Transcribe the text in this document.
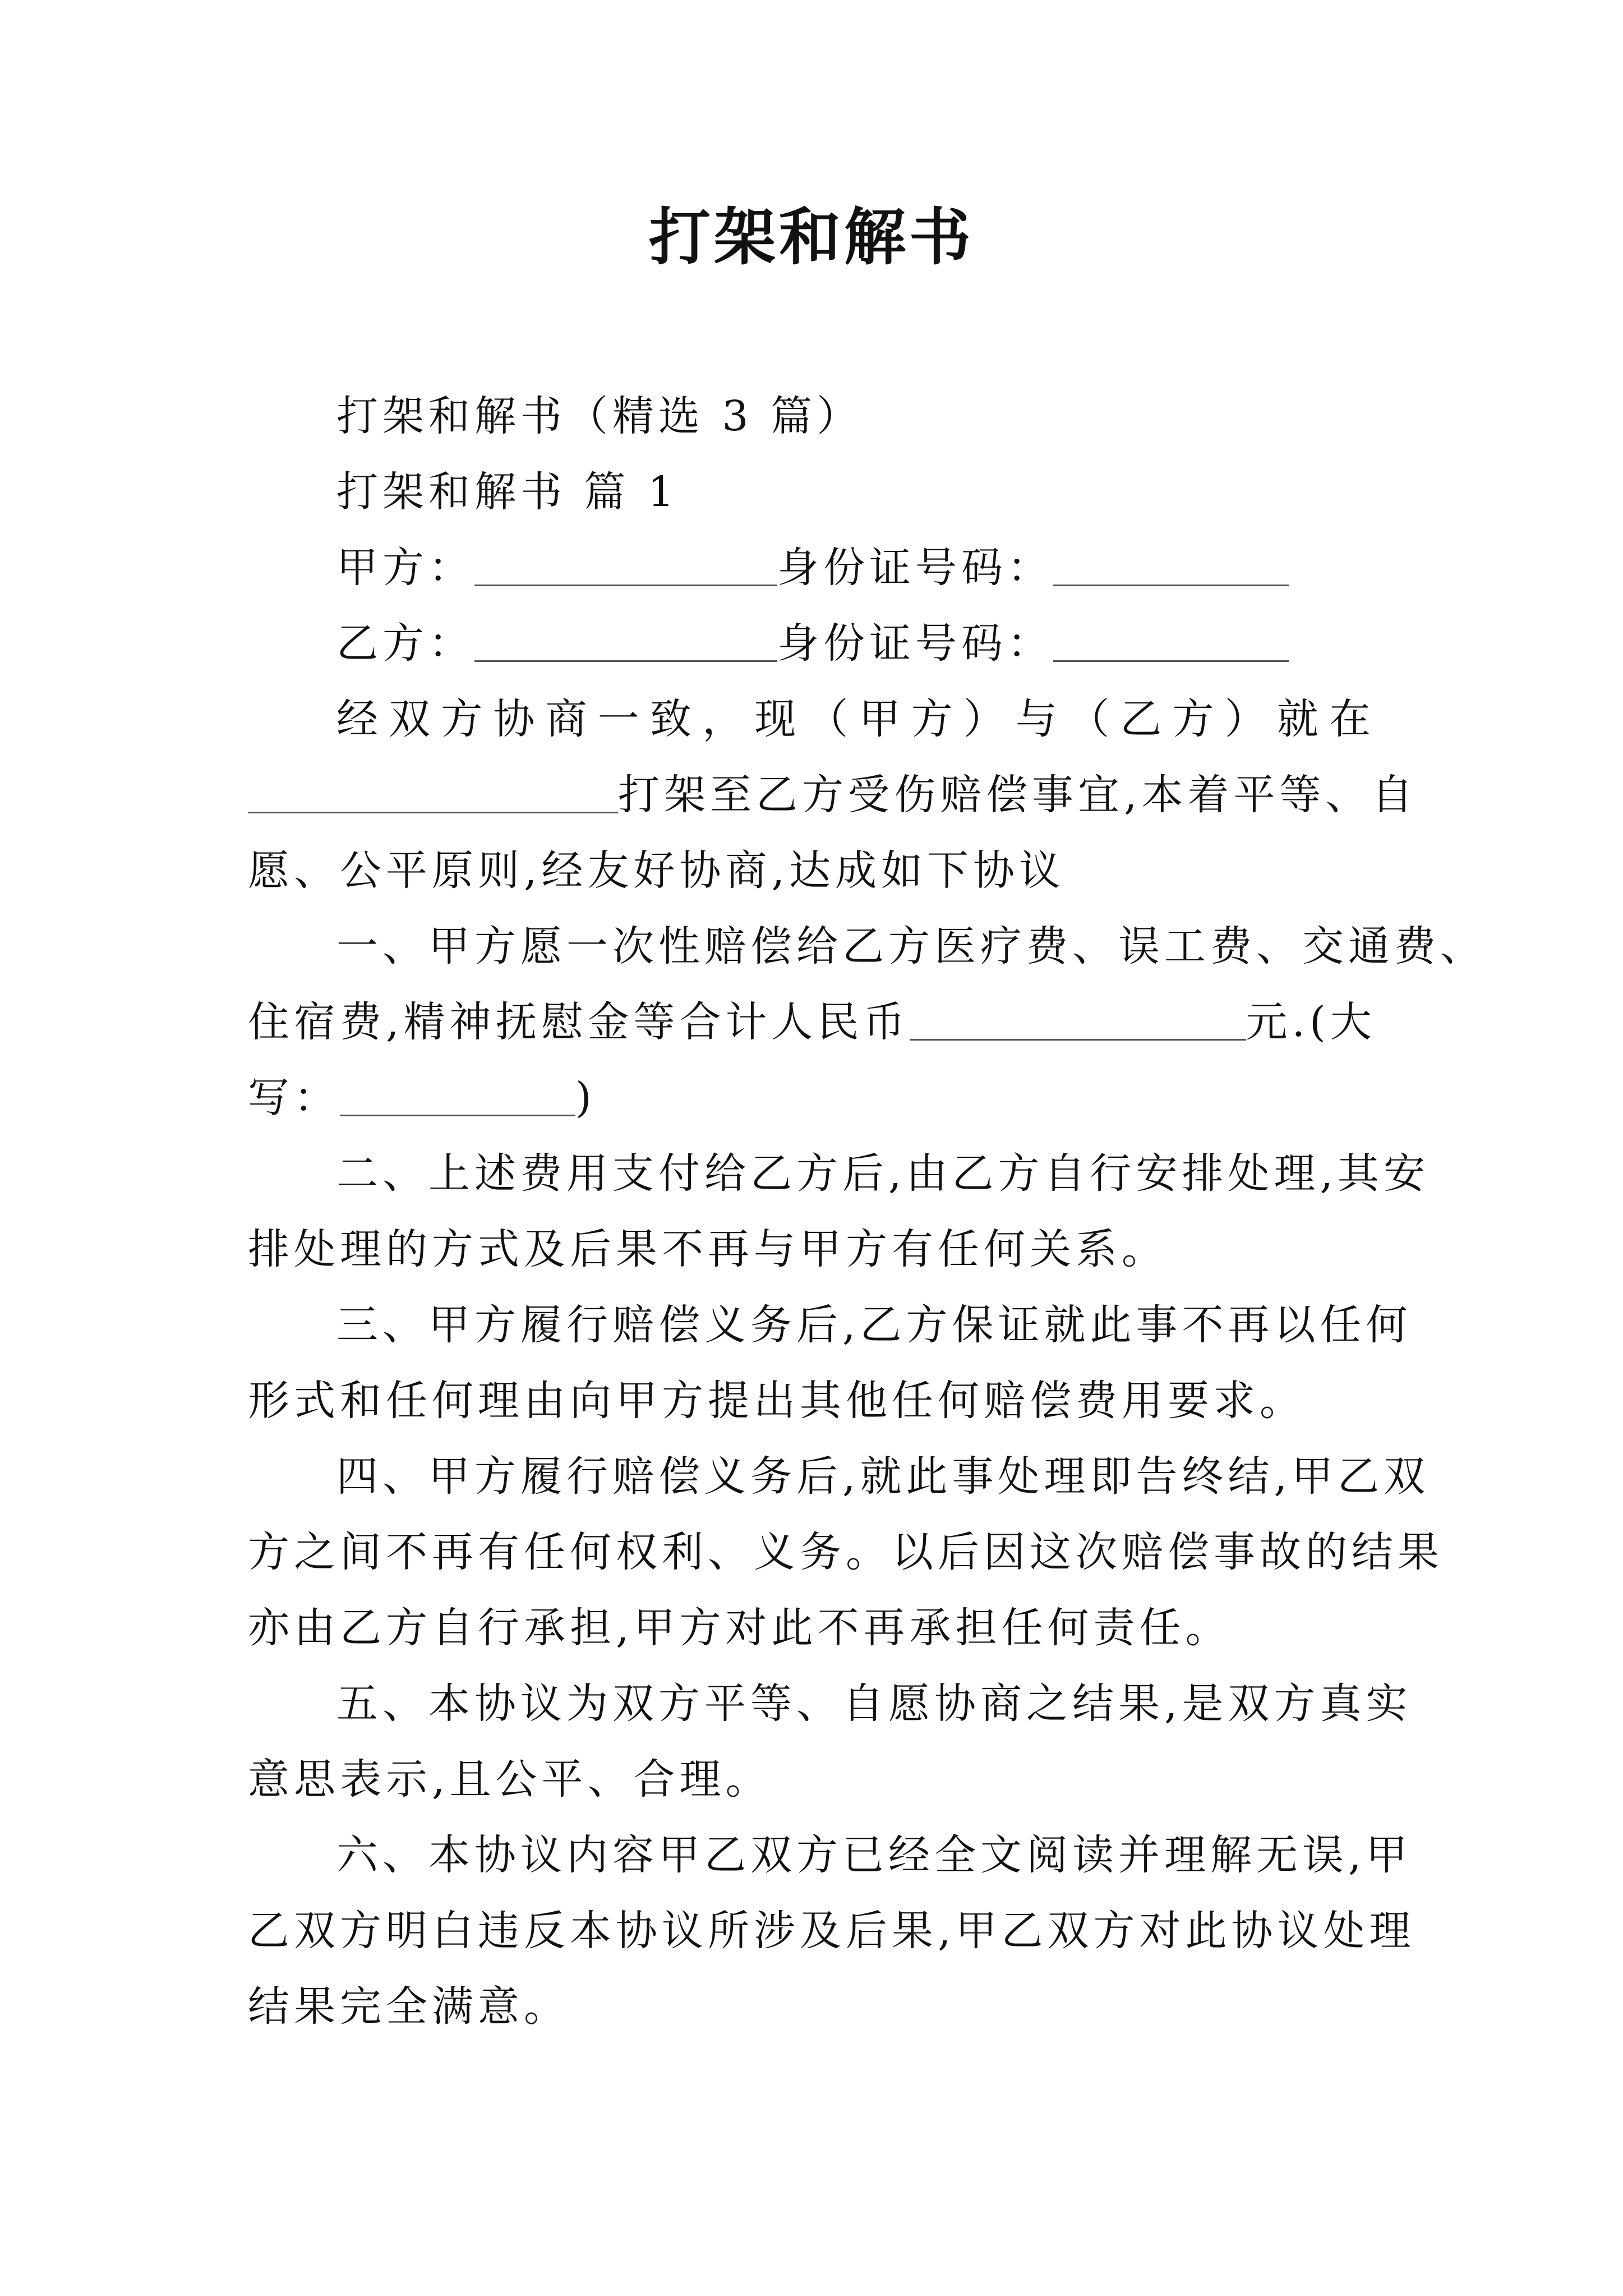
打架和解书
打架和解书（精选 3 篇）
打架和解书 篇 1
甲方：	身份证号码：
乙方：	身份证号码：
经 双 方 协 商 一 致 ， 现 （ 甲 方 ） 与 （ 乙 方 ） 就 在
打架至乙方受伤赔偿事宜,本着平等、自
愿、公平原则,经友好协商,达成如下协议
一、甲方愿一次性赔偿给乙方医疗费、误工费、交通费、
住宿费,精神抚慰金等合计人民币	元.(大
写：	)
二、上述费用支付给乙方后,由乙方自行安排处理,其安
排处理的方式及后果不再与甲方有任何关系。
三、甲方履行赔偿义务后,乙方保证就此事不再以任何
形式和任何理由向甲方提出其他任何赔偿费用要求。
四、甲方履行赔偿义务后,就此事处理即告终结,甲乙双
方之间不再有任何权利、义务。以后因这次赔偿事故的结果
亦由乙方自行承担,甲方对此不再承担任何责任。
五、本协议为双方平等、自愿协商之结果,是双方真实
意思表示,且公平、合理。
六、本协议内容甲乙双方已经全文阅读并理解无误,甲
乙双方明白违反本协议所涉及后果,甲乙双方对此协议处理
结果完全满意。
